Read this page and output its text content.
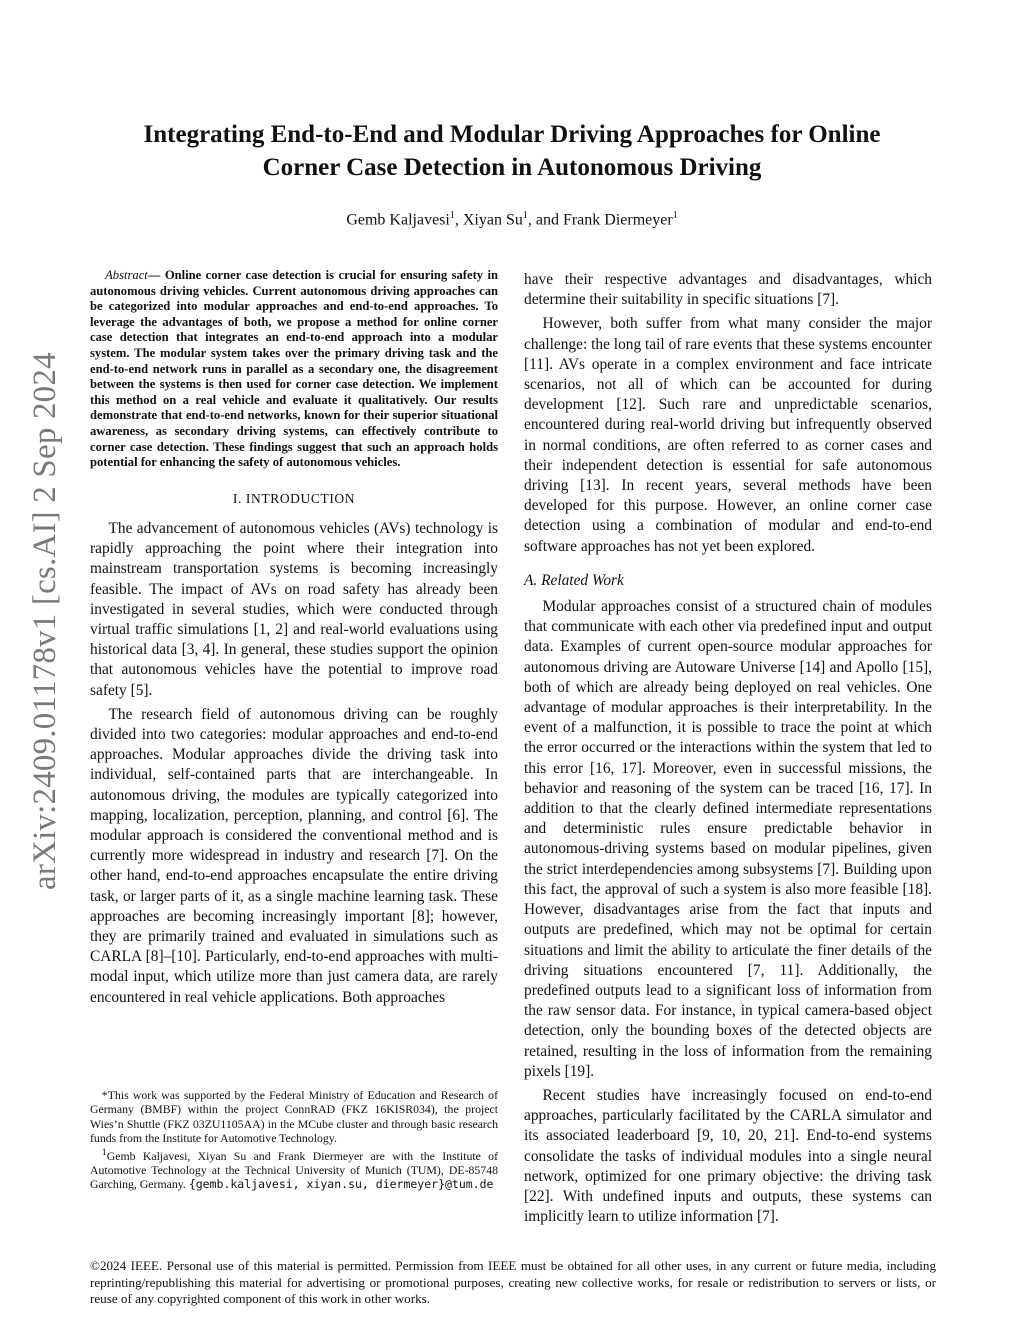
arXiv:2409.01178v1 [cs.AI] 2 Sep 2024
Integrating End-to-End and Modular Driving Approaches for Online
Corner Case Detection in Autonomous Driving
Gemb Kaljavesi$^1$, Xiyan Su$^1$, and Frank Diermeyer$^1$

Abstract— Online corner case detection is crucial for ensuring safety in autonomous driving vehicles. Current autonomous driving approaches can be categorized into modular approaches and end-to-end approaches. To leverage the advantages of both, we propose a method for online corner case detection that integrates an end-to-end approach into a modular system. The modular system takes over the primary driving task and the end-to-end network runs in parallel as a secondary one, the disagreement between the systems is then used for corner case detection. We implement this method on a real vehicle and evaluate it qualitatively. Our results demonstrate that end-to-end networks, known for their superior situational awareness, as secondary driving systems, can effectively contribute to corner case detection. These findings suggest that such an approach holds potential for enhancing the safety of autonomous vehicles.

I. INTRODUCTION

The advancement of autonomous vehicles (AVs) technology is rapidly approaching the point where their integration into mainstream transportation systems is becoming increasingly feasible. The impact of AVs on road safety has already been investigated in several studies, which were conducted through virtual traffic simulations [1, 2] and real-world evaluations using historical data [3, 4]. In general, these studies support the opinion that autonomous vehicles have the potential to improve road safety [5].

The research field of autonomous driving can be roughly divided into two categories: modular approaches and end-to-end approaches. Modular approaches divide the driving task into individual, self-contained parts that are interchangeable. In autonomous driving, the modules are typically categorized into mapping, localization, perception, planning, and control [6]. The modular approach is considered the conventional method and is currently more widespread in industry and research [7]. On the other hand, end-to-end approaches encapsulate the entire driving task, or larger parts of it, as a single machine learning task. These approaches are becoming increasingly important [8]; however, they are primarily trained and evaluated in simulations such as CARLA [8]–[10]. Particularly, end-to-end approaches with multi-modal input, which utilize more than just camera data, are rarely encountered in real vehicle applications. Both approaches

*This work was supported by the Federal Ministry of Education and Research of Germany (BMBF) within the project ConnRAD (FKZ 16KISR034), the project Wies’n Shuttle (FKZ 03ZU1105AA) in the MCube cluster and through basic research funds from the Institute for Automotive Technology.

$^1$Gemb Kaljavesi, Xiyan Su and Frank Diermeyer are with the Institute of Automotive Technology at the Technical University of Munich (TUM), DE-85748 Garching, Germany. {gemb.kaljavesi, xiyan.su, diermeyer}@tum.de

have their respective advantages and disadvantages, which determine their suitability in specific situations [7].

However, both suffer from what many consider the major challenge: the long tail of rare events that these systems encounter [11]. AVs operate in a complex environment and face intricate scenarios, not all of which can be accounted for during development [12]. Such rare and unpredictable scenarios, encountered during real-world driving but infrequently observed in normal conditions, are often referred to as corner cases and their independent detection is essential for safe autonomous driving [13]. In recent years, several methods have been developed for this purpose. However, an online corner case detection using a combination of modular and end-to-end software approaches has not yet been explored.

A. Related Work

Modular approaches consist of a structured chain of modules that communicate with each other via predefined input and output data. Examples of current open-source modular approaches for autonomous driving are Autoware Universe [14] and Apollo [15], both of which are already being deployed on real vehicles. One advantage of modular approaches is their interpretability. In the event of a malfunction, it is possible to trace the point at which the error occurred or the interactions within the system that led to this error [16, 17]. Moreover, even in successful missions, the behavior and reasoning of the system can be traced [16, 17]. In addition to that the clearly defined intermediate representations and deterministic rules ensure predictable behavior in autonomous-driving systems based on modular pipelines, given the strict interdependencies among subsystems [7]. Building upon this fact, the approval of such a system is also more feasible [18]. However, disadvantages arise from the fact that inputs and outputs are predefined, which may not be optimal for certain situations and limit the ability to articulate the finer details of the driving situations encountered [7, 11]. Additionally, the predefined outputs lead to a significant loss of information from the raw sensor data. For instance, in typical camera-based object detection, only the bounding boxes of the detected objects are retained, resulting in the loss of information from the remaining pixels [19].

Recent studies have increasingly focused on end-to-end approaches, particularly facilitated by the CARLA simulator and its associated leaderboard [9, 10, 20, 21]. End-to-end systems consolidate the tasks of individual modules into a single neural network, optimized for one primary objective: the driving task [22]. With undefined inputs and outputs, these systems can implicitly learn to utilize information [7].

©2024 IEEE. Personal use of this material is permitted. Permission from IEEE must be obtained for all other uses, in any current or future media, including reprinting/republishing this material for advertising or promotional purposes, creating new collective works, for resale or redistribution to servers or lists, or reuse of any copyrighted component of this work in other works.
